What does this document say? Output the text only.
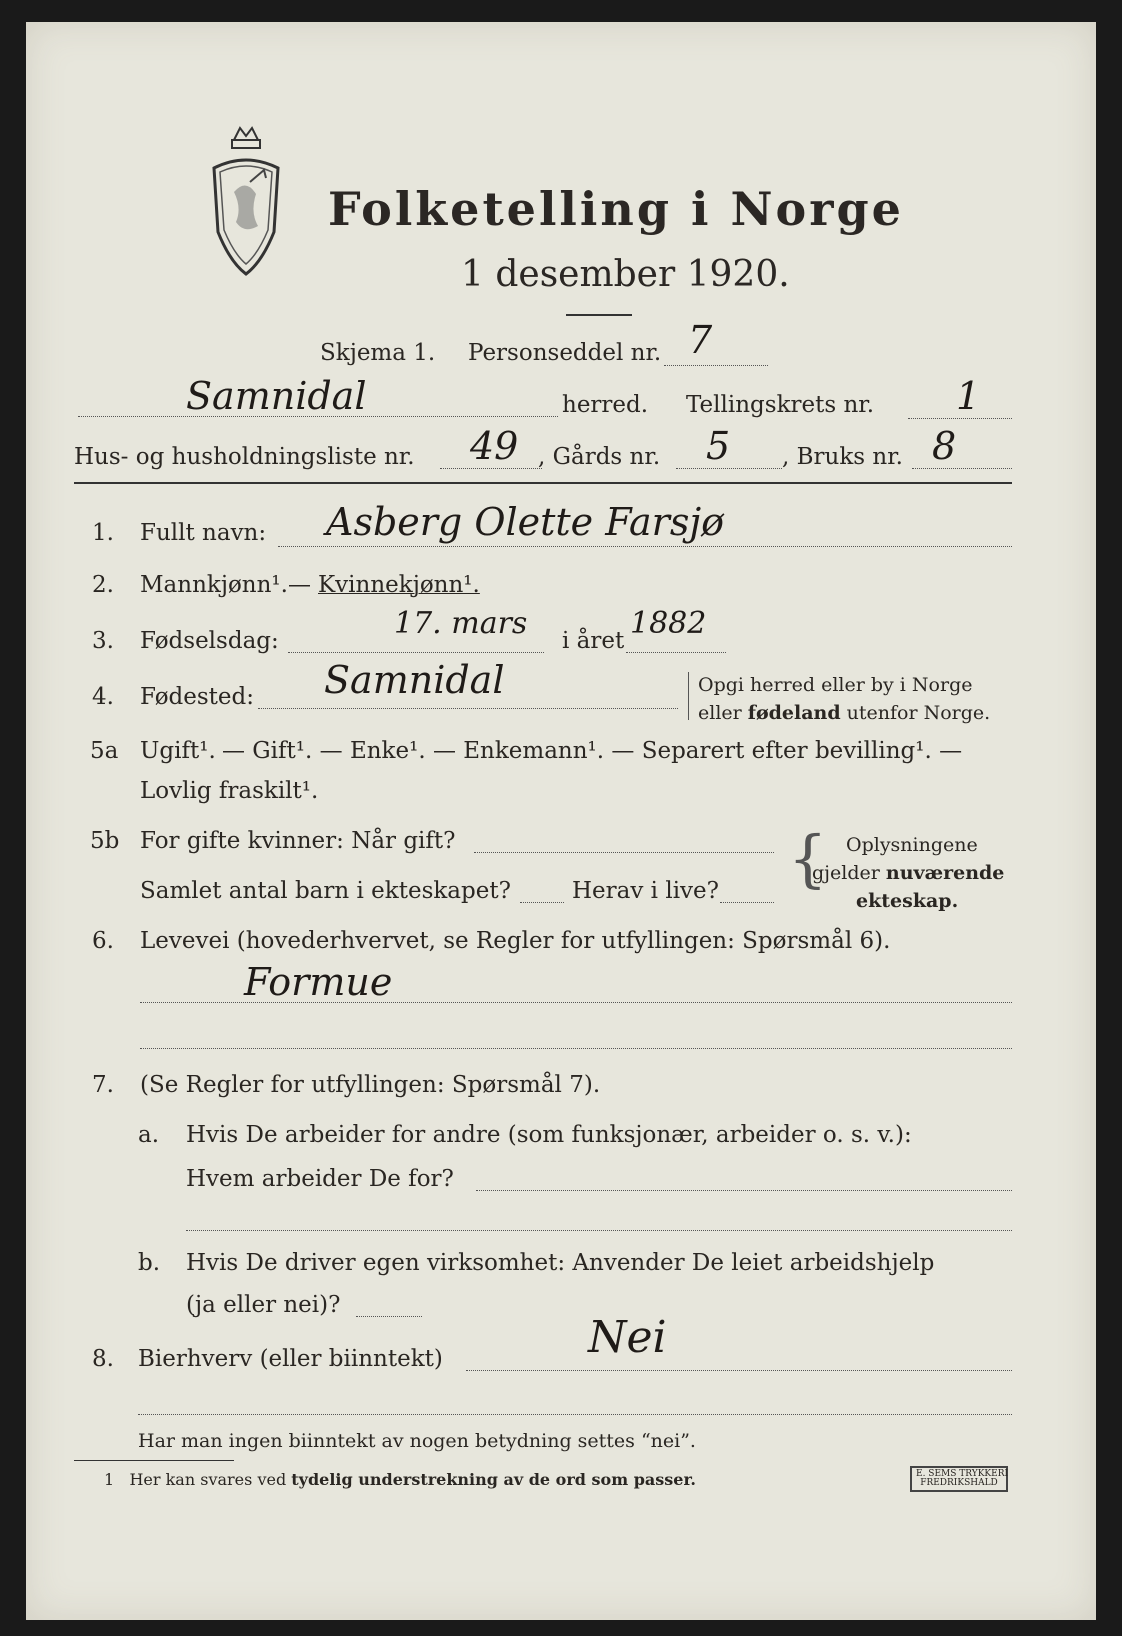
Folketelling i Norge
1 desember 1920.
Skjema 1. Personseddel nr. 7
Samnidal	herred. Tellingskrets nr. 1
Hus- og husholdningsliste nr. 49 , Gårds nr. 5 , Bruks nr. 8
1. Fullt navn: Asberg Olette Farsjø
2. Mannkjønn¹. — Kvinnekjønn¹.
3. Fødselsdag:	17. mars i året 1882
4. Fødested: Samnidal	Opgi herred eller by i Norge
eller fødeland utenfor Norge.
5a Ugift¹. — Gift¹. — Enke¹. — Enkemann¹. — Separert efter bevilling¹. —
Lovlig fraskilt¹.
5b For gifte kvinner: Når gift?
Samlet antal barn i ekteskapet?	Herav i live? { Oplysningene
gjelder nuværende
ekteskap.
6. Levevei (hovederhvervet, se Regler for utfyllingen: Spørsmål 6).
Formue
7. (Se Regler for utfyllingen: Spørsmål 7).
a. Hvis De arbeider for andre (som funksjonær, arbeider o. s. v.):
Hvem arbeider De for?
b. Hvis De driver egen virksomhet: Anvender De leiet arbeidshjelp
(ja eller nei)?
8. Bierhverv (eller biinntekt)	Nei
Har man ingen biinntekt av nogen betydning settes “nei”.
1 Her kan svares ved tydelig understrekning av de ord som passer.	E. SEMS TRYKKERI
FREDRIKSHALD
